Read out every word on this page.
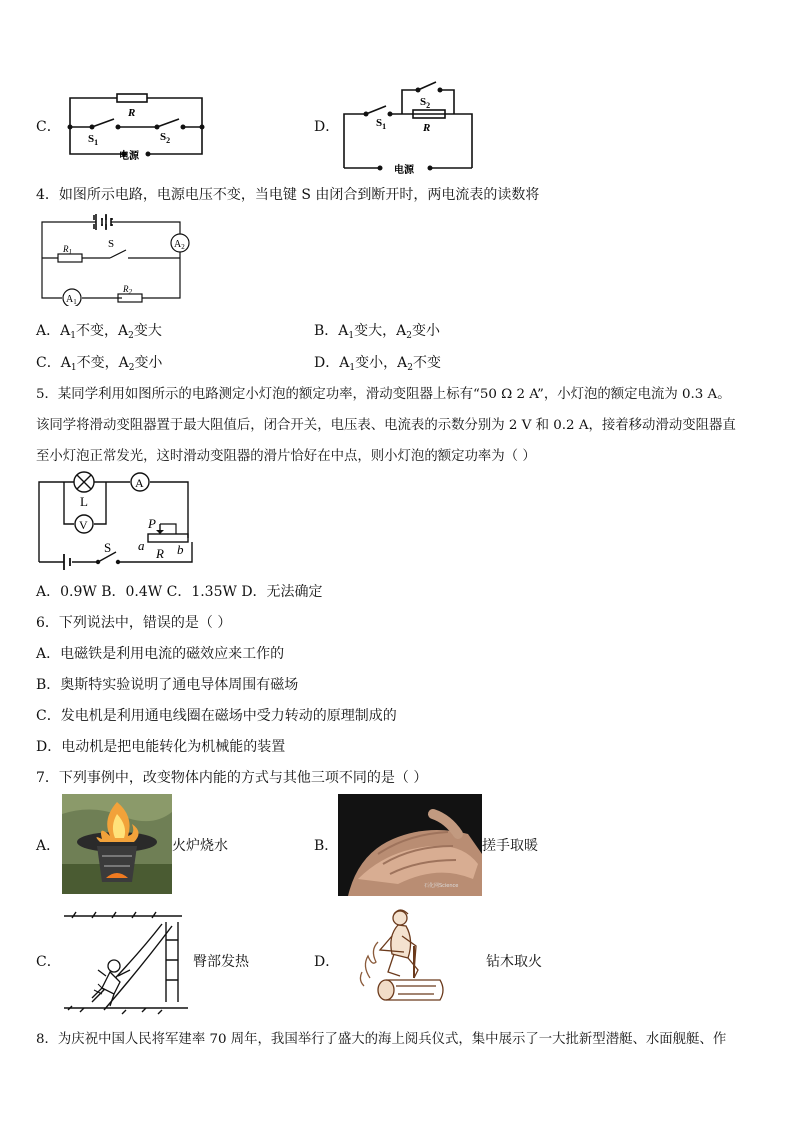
C．
R
$S_1$	$S_2$
电源
D．
$S_2$
$S_1$	R
电源
4．如图所示电路，电源电压不变，当电键 S 由闭合到断开时，两电流表的读数将
$R_1$
$R_2$
S	$A_2$
$A_1$
A．$A_1$不变，$A_2$变大	B．$A_1$变大，$A_2$变小
C．$A_1$不变，$A_2$变小	D．$A_1$变小，$A_2$不变
5．某同学利用如图所示的电路测定小灯泡的额定功率，滑动变阻器上标有“50 Ω 2 A”，小灯泡的额定电流为 0.3 A。
该同学将滑动变阻器置于最大阻值后，闭合开关，电压表、电流表的示数分别为 2 V 和 0.2 A，接着移动滑动变阻器直
至小灯泡正常发光，这时滑动变阻器的滑片恰好在中点，则小灯泡的额定功率为（ ）
L
V
A
P
a
R b
S
A．0.9W B．0.4W C．1.35W D．无法确定
6．下列说法中，错误的是（ ）
A．电磁铁是利用电流的磁效应来工作的
B．奥斯特实验说明了通电导体周围有磁场
C．发电机是利用通电线圈在磁场中受力转动的原理制成的
D．电动机是把电能转化为机械能的装置
7．下列事例中，改变物体内能的方式与其他三项不同的是（ ）
A．	火炉烧水	B．
石化网Science
搓手取暖
C．	臀部发热	D．	钻木取火
8．为庆祝中国人民将军建率 70 周年，我国举行了盛大的海上阅兵仪式，集中展示了一大批新型潜艇、水面舰艇、作
